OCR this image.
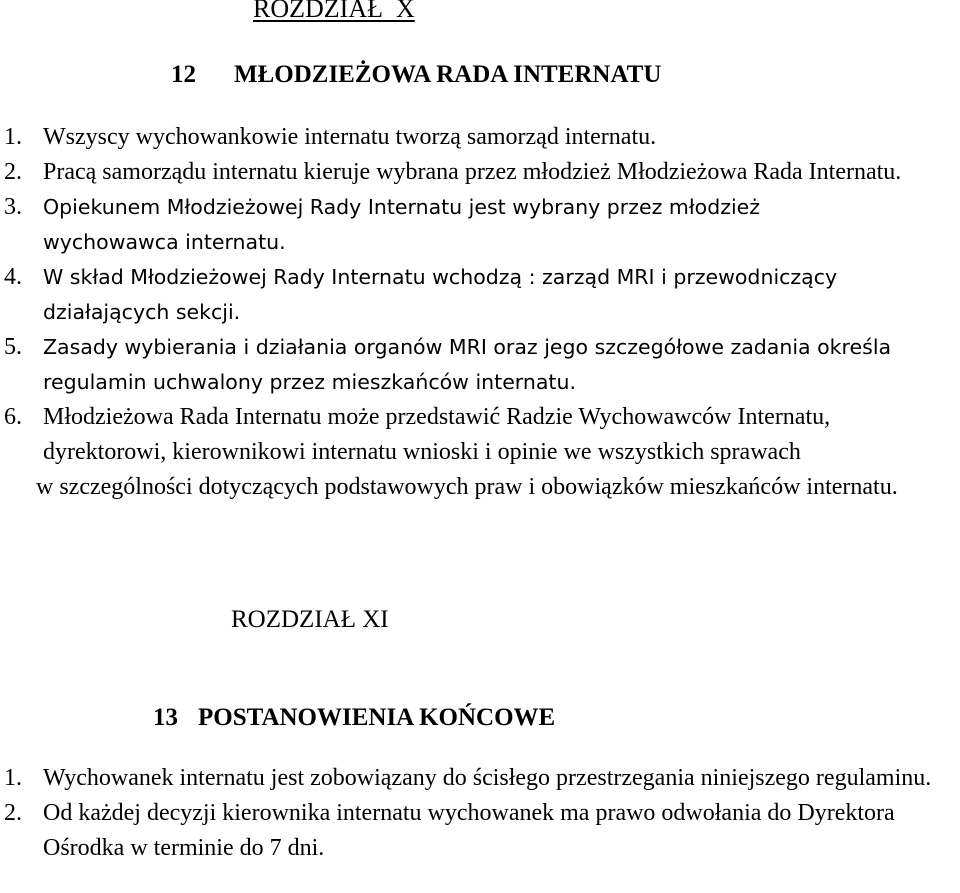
ROZDZIAŁ  X
12 MŁODZIEŻOWA RADA INTERNATU
1. Wszyscy wychowankowie internatu tworzą samorząd internatu.
2. Pracą samorządu internatu kieruje wybrana przez młodzież Młodzieżowa Rada Internatu.
3. Opiekunem Młodzieżowej Rady Internatu jest wybrany przez młodzież wychowawca internatu.
4. W skład Młodzieżowej Rady Internatu wchodzą : zarząd MRI i przewodniczący działających sekcji.
5. Zasady wybierania i działania organów MRI oraz jego szczegółowe zadania określa regulamin uchwalony przez mieszkańców internatu.
6. Młodzieżowa Rada Internatu może przedstawić Radzie Wychowawców Internatu, dyrektorowi, kierownikowi internatu wnioski i opinie we wszystkich sprawach
w szczególności dotyczących podstawowych praw i obowiązków mieszkańców internatu.
ROZDZIAŁ XI
13 POSTANOWIENIA KOŃCOWE
1. Wychowanek internatu jest zobowiązany do ścisłego przestrzegania niniejszego regulaminu.
2. Od każdej decyzji kierownika internatu wychowanek ma prawo odwołania do Dyrektora Ośrodka w terminie do 7 dni.
